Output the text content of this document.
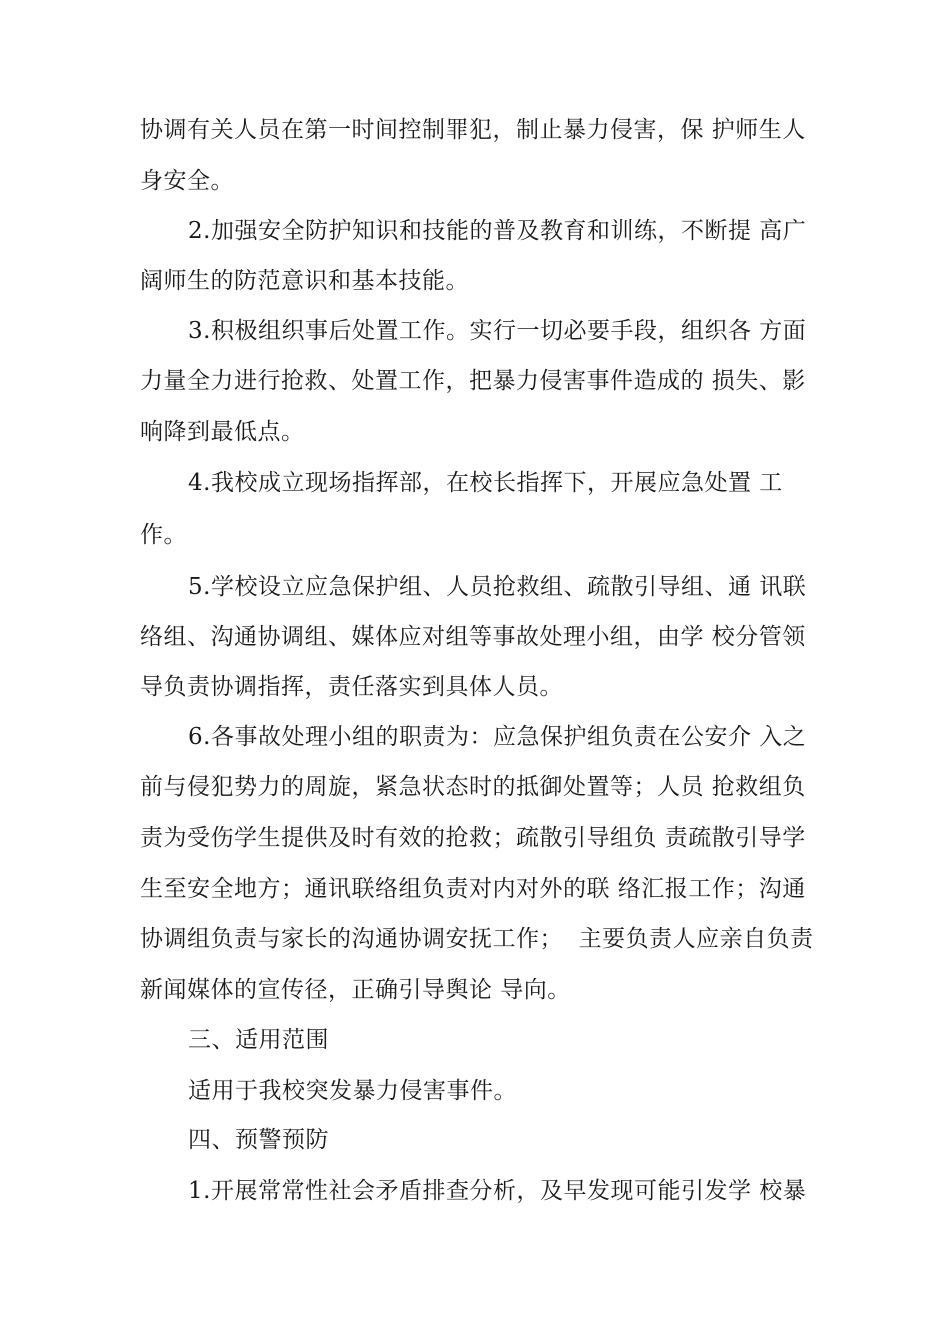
协调有关人员在第一时间控制罪犯，制止暴力侵害，保 护师生人
身安全。
2.加强安全防护知识和技能的普及教育和训练，不断提 高广
阔师生的防范意识和基本技能。
3.积极组织事后处置工作。实行一切必要手段，组织各 方面
力量全力进行抢救、处置工作，把暴力侵害事件造成的 损失、影
响降到最低点。
4.我校成立现场指挥部，在校长指挥下，开展应急处置 工
作。
5.学校设立应急保护组、人员抢救组、疏散引导组、通 讯联
络组、沟通协调组、媒体应对组等事故处理小组，由学 校分管领
导负责协调指挥，责任落实到具体人员。
6.各事故处理小组的职责为：应急保护组负责在公安介 入之
前与侵犯势力的周旋，紧急状态时的抵御处置等；人员 抢救组负
责为受伤学生提供及时有效的抢救；疏散引导组负 责疏散引导学
生至安全地方；通讯联络组负责对内对外的联 络汇报工作；沟通
协调组负责与家长的沟通协调安抚工作；  主要负责人应亲自负责
新闻媒体的宣传径，正确引导舆论 导向。
三、适用范围
适用于我校突发暴力侵害事件。
四、预警预防
1.开展常常性社会矛盾排查分析，及早发现可能引发学 校暴
